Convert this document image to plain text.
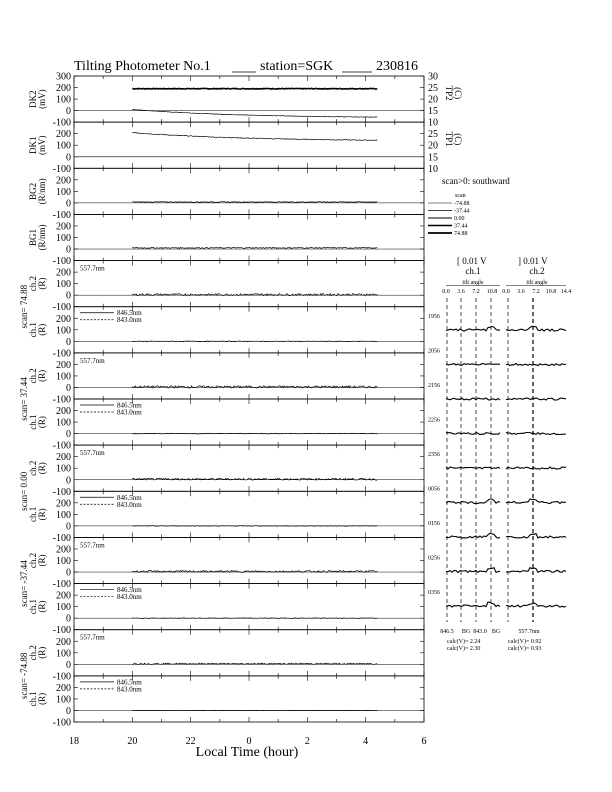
Tilting Photometer No.1	station=SGK	230816
300
200
100
0
-100
30
25
20
15
10
TP2 (C)
DK2 (mV)
200
100
0
-100
25
20
15
10
TP1 (C)
DK1 (mV)
200
100
0
-100
BG2 (R/nm)
200
100
0
-100
BG1 (R/nm)
200
100
0
-100
ch.2 (R)
scan= 74.88
557.7nm
200
100
0
-100
ch.1 (R)
846.5nm
843.0nm
200
100
0
-100
ch.2 (R)
scan= 37.44
557.7nm
200
100
0
-100
ch.1 (R)
846.5nm
843.0nm
200
100
0
-100
ch.2 (R)
scan= 0.00
557.7nm
200
100
0
-100
ch.1 (R)
846.5nm
843.0nm
200
100
0
-100
ch.2 (R)
scan= -37.44
557.7nm
200
100
0
-100
ch.1 (R)
846.5nm
843.0nm
200
100
0
-100
ch.2 (R)
scan= -74.88
557.7nm
200
100
0
-100
ch.1 (R)
846.5nm
843.0nm
18	20	22	0	2	4	6
Local Time (hour)
scan>0: southward
scan
-74.88
-37.44
0.00
37.44
74.88
[ 0.01 V	] 0.01 V
ch.1	ch.2
tilt angle	tilt angle
0.0 3.6 7.2 10.8 0.0 3.6 7.2 10.8 14.4
1956
2056
2156
2256
2356
0056
0156
0256
0356
846.5 BG 843.0 BG	557.7nm
calc(V)= 2.24
calc(V)= 2.30
calc(V)= 0.92
calc(V)= 0.93
